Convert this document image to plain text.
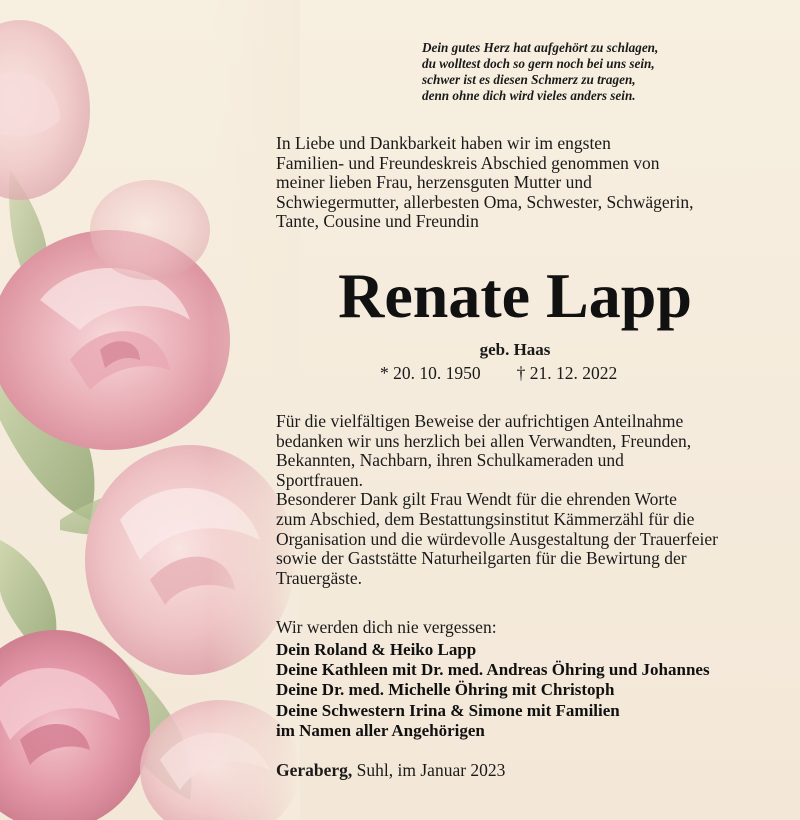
Dein gutes Herz hat aufgehört zu schlagen,
du wolltest doch so gern noch bei uns sein,
schwer ist es diesen Schmerz zu tragen,
denn ohne dich wird vieles anders sein.
In Liebe und Dankbarkeit haben wir im engsten
Familien- und Freundeskreis Abschied genommen von
meiner lieben Frau, herzensguten Mutter und
Schwiegermutter, allerbesten Oma, Schwester, Schwägerin,
Tante, Cousine und Freundin
Renate Lapp
geb. Haas
* 20. 10. 1950 † 21. 12. 2022
Für die vielfältigen Beweise der aufrichtigen Anteilnahme
bedanken wir uns herzlich bei allen Verwandten, Freunden,
Bekannten, Nachbarn, ihren Schulkameraden und
Sportfrauen.
Besonderer Dank gilt Frau Wendt für die ehrenden Worte
zum Abschied, dem Bestattungsinstitut Kämmerzähl für die
Organisation und die würdevolle Ausgestaltung der Trauerfeier
sowie der Gaststätte Naturheilgarten für die Bewirtung der
Trauergäste.
Wir werden dich nie vergessen:
Dein Roland & Heiko Lapp
Deine Kathleen mit Dr. med. Andreas Öhring und Johannes
Deine Dr. med. Michelle Öhring mit Christoph
Deine Schwestern Irina & Simone mit Familien
im Namen aller Angehörigen
Geraberg, Suhl, im Januar 2023
